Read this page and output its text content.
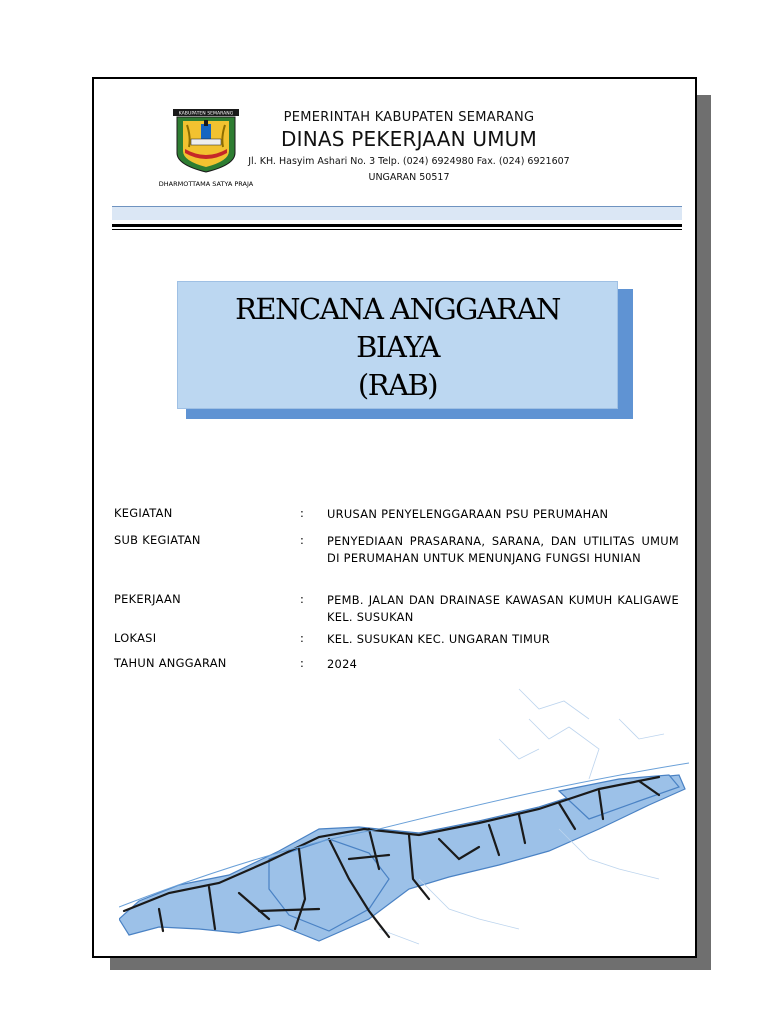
KABUPATEN SEMARANG
DHARMOTTAMA SATYA PRAJA
PEMERINTAH KABUPATEN SEMARANG
DINAS PEKERJAAN UMUM
Jl. KH. Hasyim Ashari No. 3 Telp. (024) 6924980 Fax. (024) 6921607
UNGARAN 50517
RENCANA ANGGARAN
BIAYA
(RAB)
KEGIATAN	: URUSAN PENYELENGGARAAN PSU PERUMAHAN
SUB KEGIATAN	: PENYEDIAAN PRASARANA, SARANA, DAN UTILITAS UMUM DI PERUMAHAN UNTUK MENUNJANG FUNGSI HUNIAN
PEKERJAAN	: PEMB. JALAN DAN DRAINASE KAWASAN KUMUH KALIGAWE KEL. SUSUKAN
LOKASI	: KEL. SUSUKAN KEC. UNGARAN TIMUR
TAHUN ANGGARAN	: 2024
